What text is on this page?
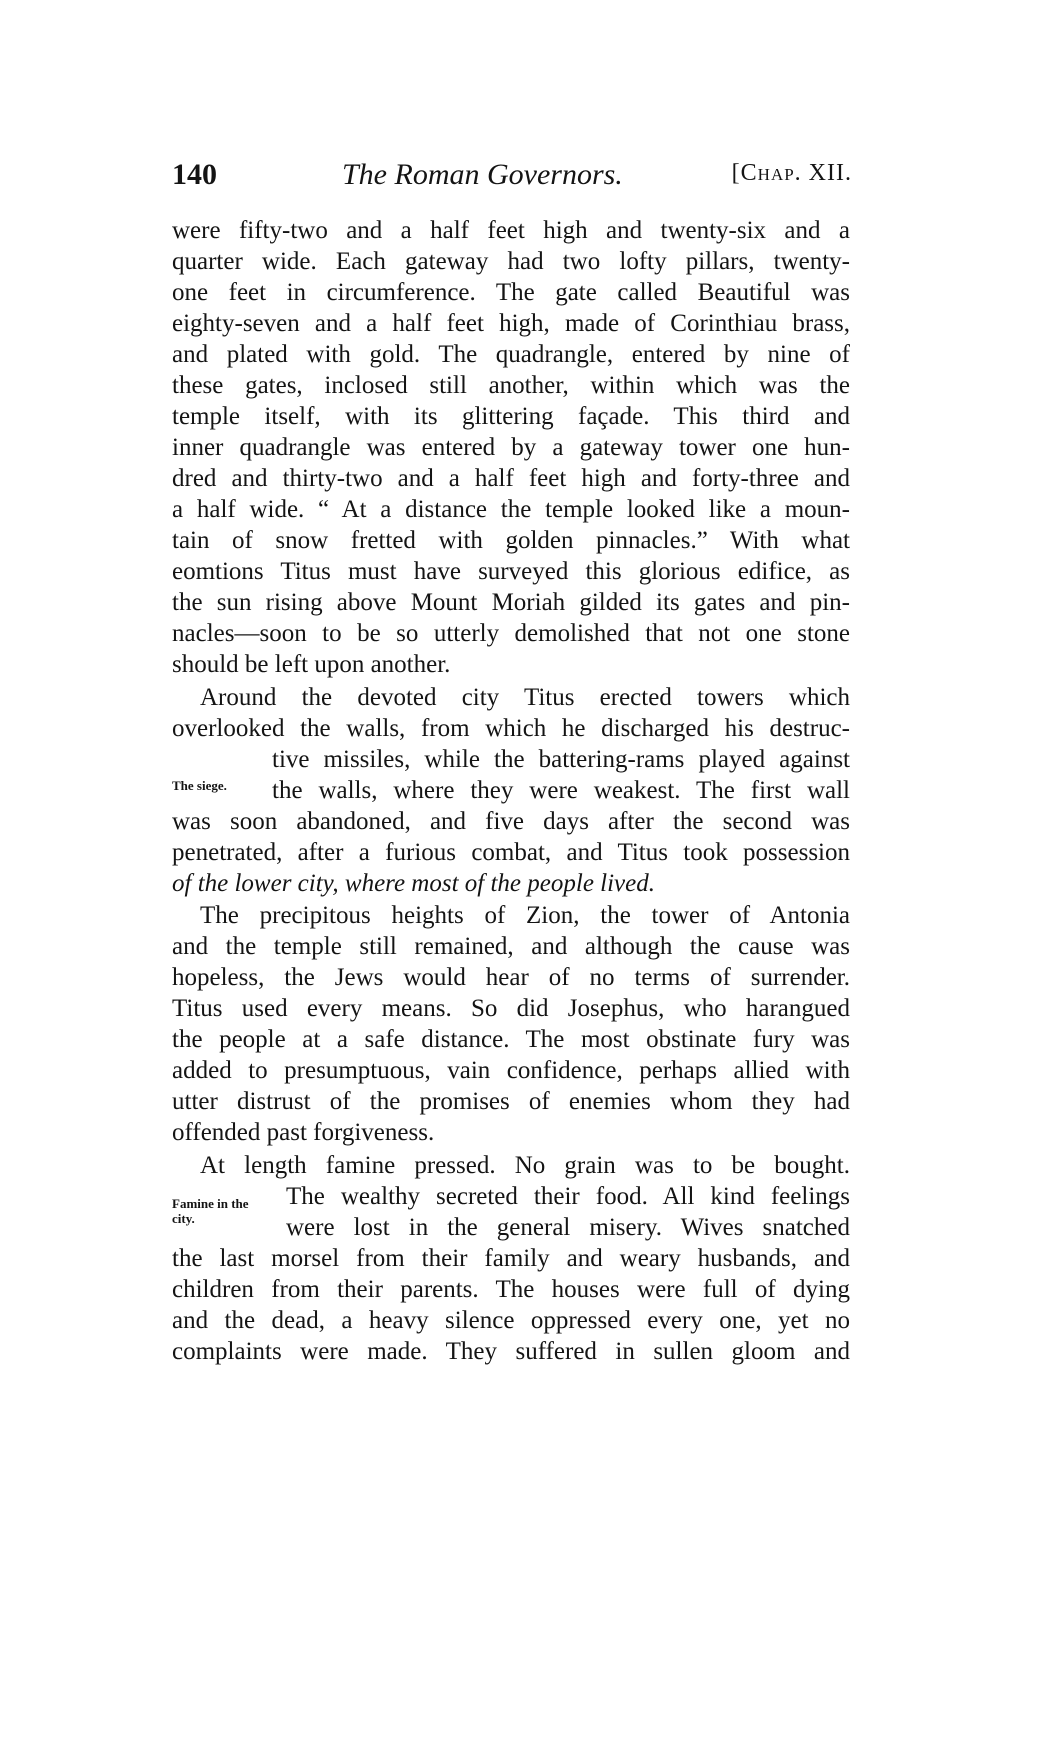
140	The Roman Governors.	[Chap. XII.
The siege.
Famine in the city.
were fifty-two and a half feet high and twenty-six and a
quarter wide. Each gateway had two lofty pillars, twenty-
one feet in circumference. The gate called Beautiful was
eighty-seven and a half feet high, made of Corinthiau brass,
and plated with gold. The quadrangle, entered by nine of
these gates, inclosed still another, within which was the
temple itself, with its glittering façade. This third and
inner quadrangle was entered by a gateway tower one hun-
dred and thirty-two and a half feet high and forty-three and
a half wide. “ At a distance the temple looked like a moun-
tain of snow fretted with golden pinnacles.” With what
eomtions Titus must have surveyed this glorious edifice, as
the sun rising above Mount Moriah gilded its gates and pin-
nacles—soon to be so utterly demolished that not one stone
should be left upon another.
Around the devoted city Titus erected towers which
overlooked the walls, from which he discharged his destruc-
tive missiles, while the battering-rams played against
the walls, where they were weakest. The first wall
was soon abandoned, and five days after the second was
penetrated, after a furious combat, and Titus took possession
of the lower city, where most of the people lived.
The precipitous heights of Zion, the tower of Antonia
and the temple still remained, and although the cause was
hopeless, the Jews would hear of no terms of surrender.
Titus used every means. So did Josephus, who harangued
the people at a safe distance. The most obstinate fury was
added to presumptuous, vain confidence, perhaps allied with
utter distrust of the promises of enemies whom they had
offended past forgiveness.
At length famine pressed. No grain was to be bought.
The wealthy secreted their food. All kind feelings
were lost in the general misery. Wives snatched
the last morsel from their family and weary husbands, and
children from their parents. The houses were full of dying
and the dead, a heavy silence oppressed every one, yet no
complaints were made. They suffered in sullen gloom and
